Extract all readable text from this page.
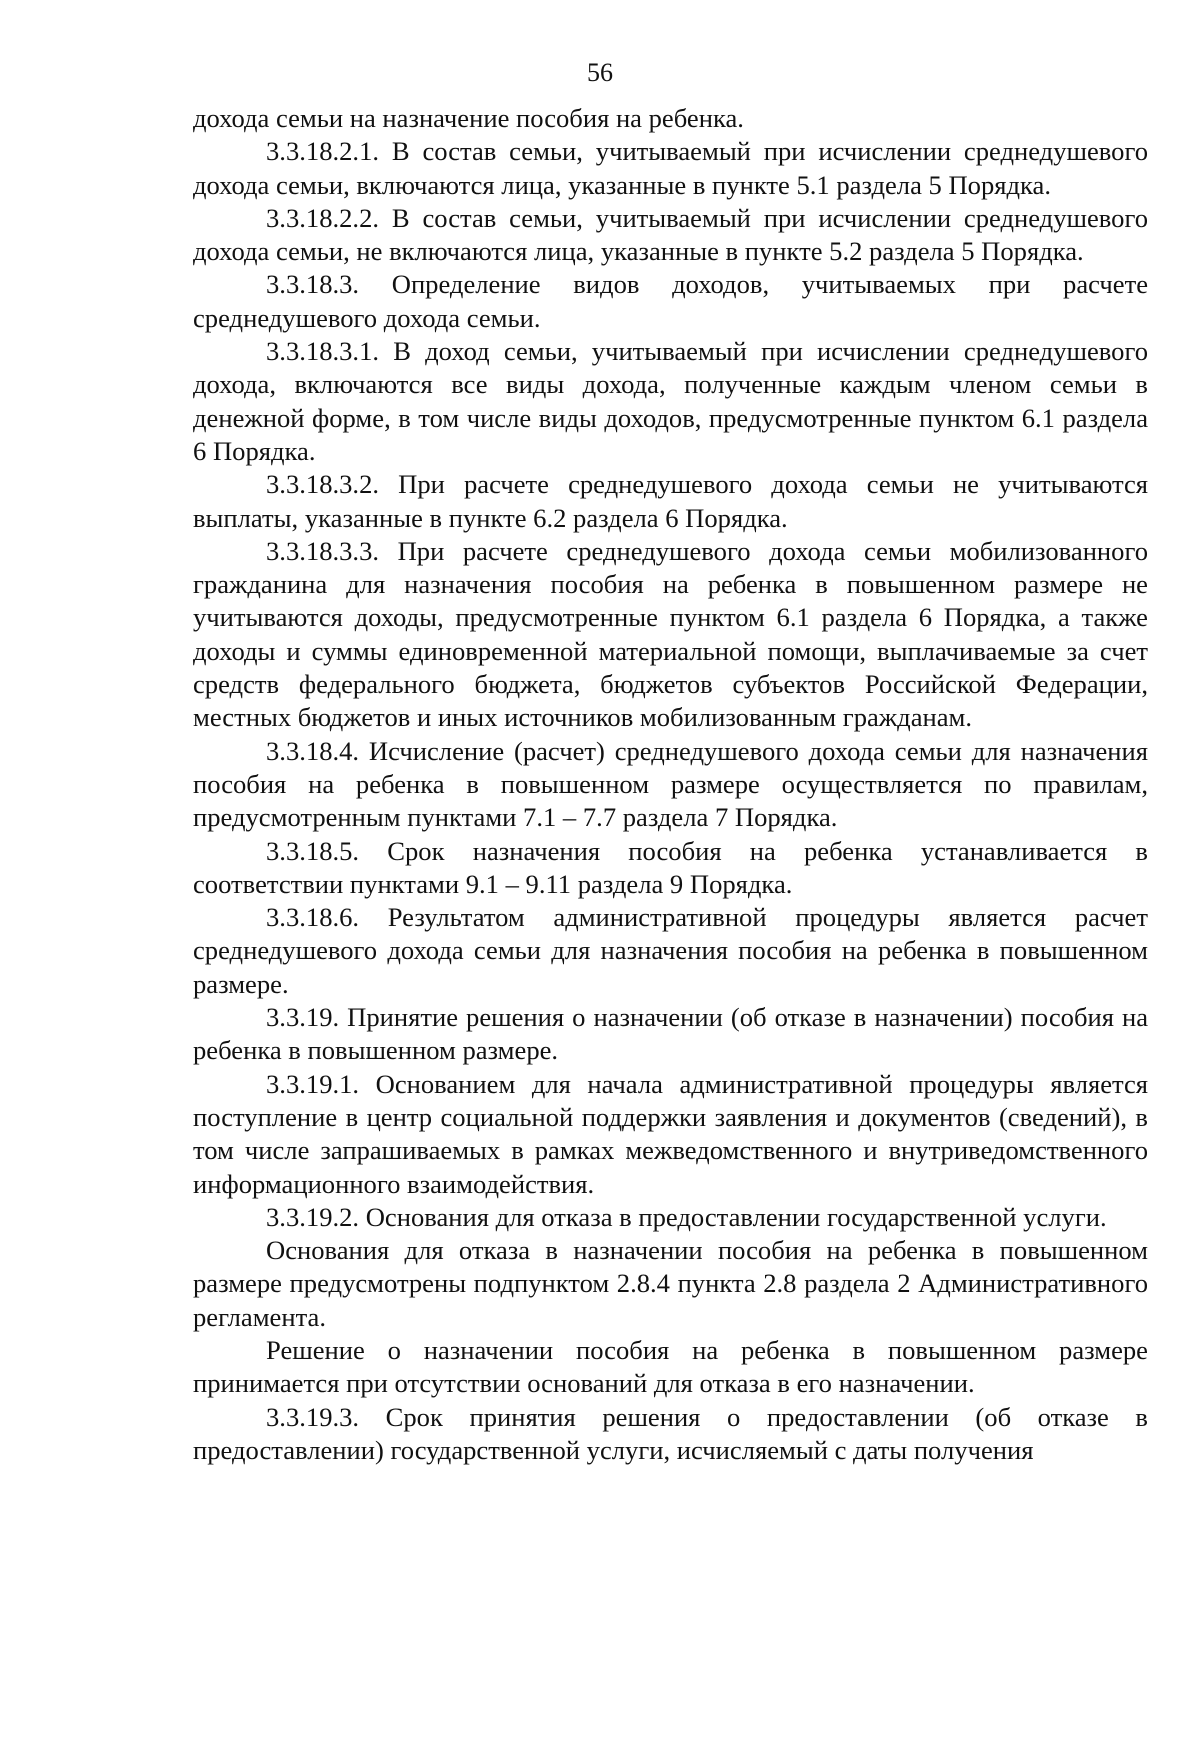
56

дохода семьи на назначение пособия на ребенка.

3.3.18.2.1. В состав семьи, учитываемый при исчислении среднедушевого дохода семьи, включаются лица, указанные в пункте 5.1 раздела 5 Порядка.

3.3.18.2.2. В состав семьи, учитываемый при исчислении среднедушевого дохода семьи, не включаются лица, указанные в пункте 5.2 раздела 5 Порядка.

3.3.18.3. Определение видов доходов, учитываемых при расчете среднедушевого дохода семьи.

3.3.18.3.1. В доход семьи, учитываемый при исчислении среднедушевого дохода, включаются все виды дохода, полученные каждым членом семьи в денежной форме, в том числе виды доходов, предусмотренные пунктом 6.1 раздела 6 Порядка.

3.3.18.3.2. При расчете среднедушевого дохода семьи не учитываются выплаты, указанные в пункте 6.2 раздела 6 Порядка.

3.3.18.3.3. При расчете среднедушевого дохода семьи мобилизованного гражданина для назначения пособия на ребенка в повышенном размере не учитываются доходы, предусмотренные пунктом 6.1 раздела 6 Порядка, а также доходы и суммы единовременной материальной помощи, выплачиваемые за счет средств федерального бюджета, бюджетов субъектов Российской Федерации, местных бюджетов и иных источников мобилизованным гражданам.

3.3.18.4. Исчисление (расчет) среднедушевого дохода семьи для назначения пособия на ребенка в повышенном размере осуществляется по правилам, предусмотренным пунктами 7.1 – 7.7 раздела 7 Порядка.

3.3.18.5. Срок назначения пособия на ребенка устанавливается в соответствии пунктами 9.1 – 9.11 раздела 9 Порядка.

3.3.18.6. Результатом административной процедуры является расчет среднедушевого дохода семьи для назначения пособия на ребенка в повышенном размере.

3.3.19. Принятие решения о назначении (об отказе в назначении) пособия на ребенка в повышенном размере.

3.3.19.1. Основанием для начала административной процедуры является поступление в центр социальной поддержки заявления и документов (сведений), в том числе запрашиваемых в рамках межведомственного и внутриведомственного информационного взаимодействия.

3.3.19.2. Основания для отказа в предоставлении государственной услуги.

Основания для отказа в назначении пособия на ребенка в повышенном размере предусмотрены подпунктом 2.8.4 пункта 2.8 раздела 2 Административного регламента.

Решение о назначении пособия на ребенка в повышенном размере принимается при отсутствии оснований для отказа в его назначении.

3.3.19.3. Срок принятия решения о предоставлении (об отказе в предоставлении) государственной услуги, исчисляемый с даты получения
